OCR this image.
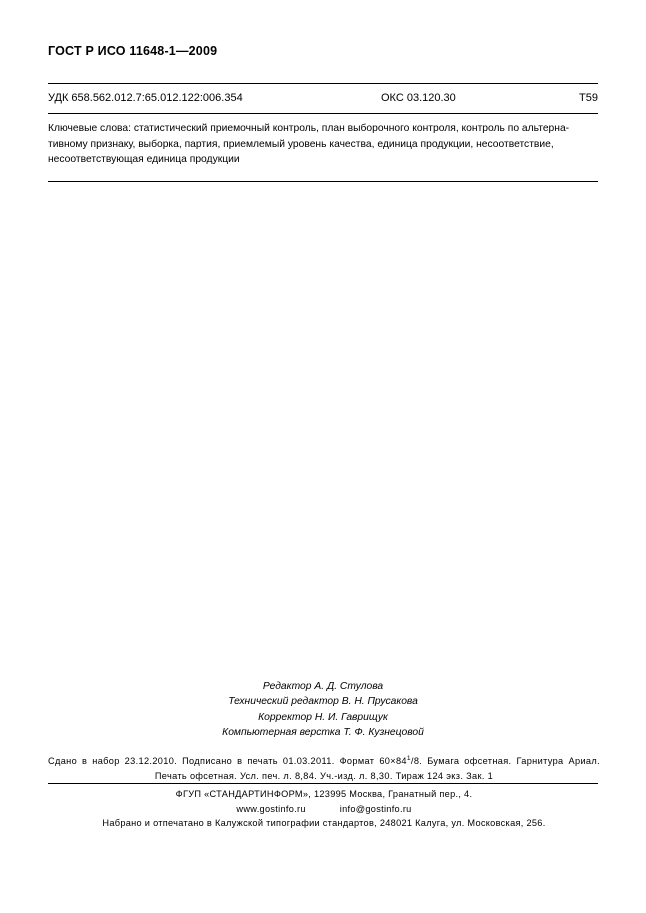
ГОСТ Р ИСО 11648-1—2009
УДК 658.562.012.7:65.012.122:006.354	ОКС 03.120.30	Т59
Ключевые слова: статистический приемочный контроль, план выборочного контроля, контроль по альтерна-
тивному признаку, выборка, партия, приемлемый уровень качества, единица продукции, несоответствие,
несоответствующая единица продукции
Редактор А. Д. Стулова
Технический редактор В. Н. Прусакова
Корректор Н. И. Гаврищук
Компьютерная верстка Т. Ф. Кузнецовой
Сдано в набор 23.12.2010. Подписано в печать 01.03.2011. Формат $60\times 84^1/8$. Бумага офсетная. Гарнитура Ариал.
Печать офсетная. Усл. печ. л. 8,84. Уч.-изд. л. 8,30. Тираж 124 экз. Зак. 1
ФГУП «СТАНДАРТИНФОРМ», 123995 Москва, Гранатный пер., 4.
www.gostinfo.ru	info@gostinfo.ru
Набрано и отпечатано в Калужской типографии стандартов, 248021 Калуга, ул. Московская, 256.
